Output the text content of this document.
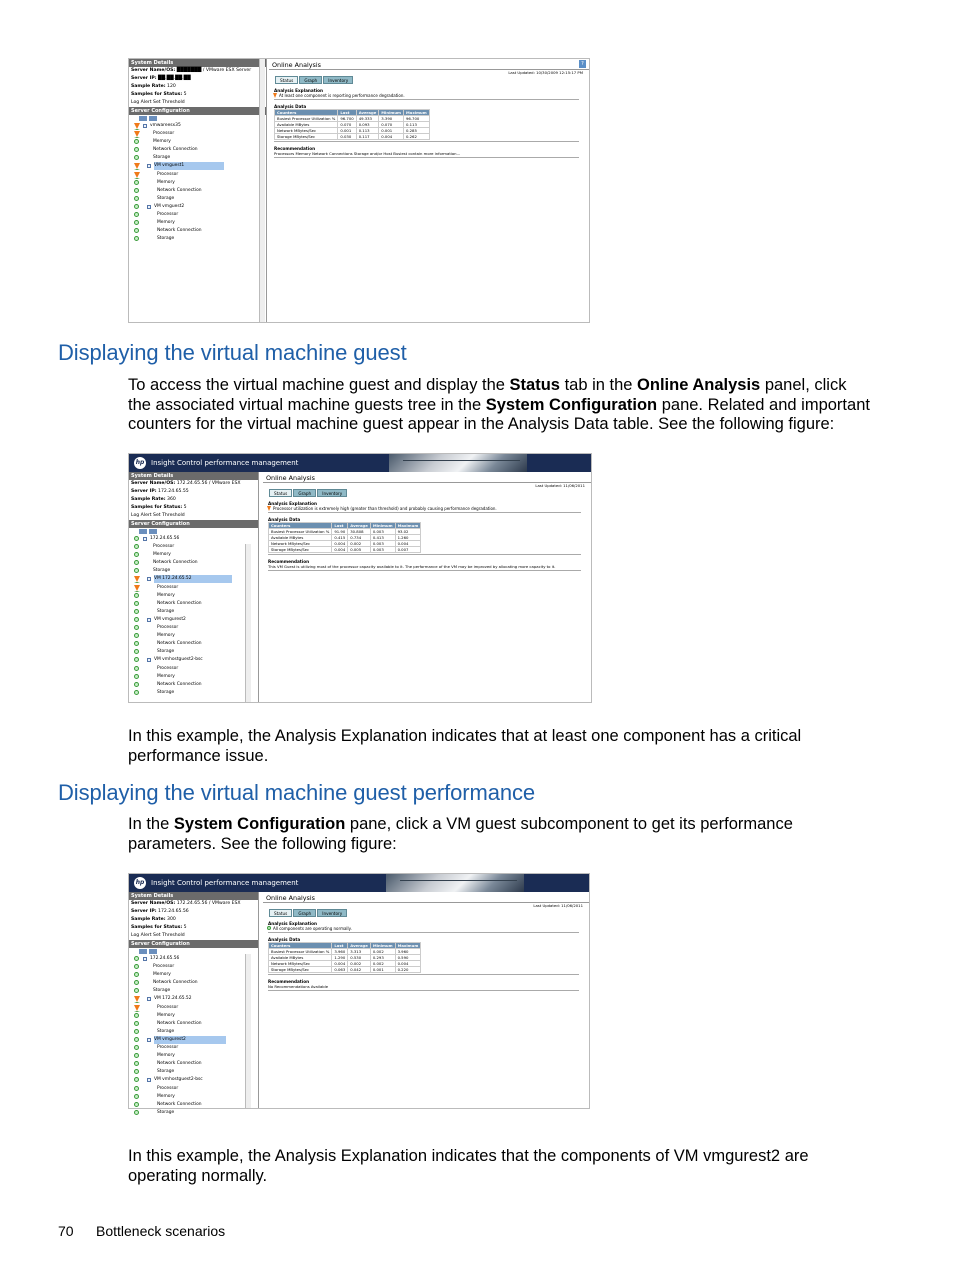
System Details
Server Name/OS: ███████ / VMware ESX Server
Server IP: ██.██.██.██
Sample Rate: 120
Samples for Status: 5
Log Alert Set Threshold
Server Configuration
vmwareesx35
Processor
Memory
Network Connection
Storage
VM vmguest1
Processor
Memory
Network Connection
Storage
VM vmguest2
Processor
Memory
Network Connection
Storage
Online Analysis	?
Last Updated: 10/30/2009 12:15:17 PM
Status	Graph	Inventory
Analysis Explanation
At least one component is reporting performance degradation.
Analysis Data
Counters	Last	Average	Minimum	Maximum
Busiest Processor Utilization %	96.700	49.333	3.390	96.700
Available MBytes	0.070	0.093	0.070	0.113
Network MBytes/Sec	0.001	0.113	0.001	0.285
Storage MBytes/Sec	0.030	0.117	0.004	0.262
Recommendation
Processors Memory Network Connections Storage and/or Host Busiest contain more information...
Displaying the virtual machine guest

To access the virtual machine guest and display the Status tab in the Online Analysis panel, click the associated virtual machine guests tree in the System Configuration pane. Related and important counters for the virtual machine guest appear in the Analysis Data table. See the following figure:

hp Insight Control performance management
System Details
Server Name/OS: 172.24.65.56 / VMware ESX
Server IP: 172.24.65.55
Sample Rate: 360
Samples for Status: 5
Log Alert Set Threshold
Server Configuration
172.24.65.56
Processor
Memory
Network Connection
Storage
VM 172.24.65.52
Processor
Memory
Network Connection
Storage
VM vmgurest2
Processor
Memory
Network Connection
Storage
VM vmhostguest2-bsc
Processor
Memory
Network Connection
Storage
Online Analysis
Last Updated: 11/06/2011
Status	Graph	Inventory
Analysis Explanation
Processor utilization is extremely high (greater than threshold) and probably causing performance degradation.
Analysis Data
Counters	Last	Average	Minimum	Maximum
Busiest Processor Utilization %	91.90	30.808	0.003	93.02
Available MBytes	0.415	0.734	0.413	1.260
Network MBytes/Sec	0.004	0.002	0.003	0.004
Storage MBytes/Sec	0.004	0.005	0.003	0.007
Recommendation
This VM Guest is utilizing most of the processor capacity available to it. The performance of the VM may be improved by allocating more capacity to it.

In this example, the Analysis Explanation indicates that at least one component has a critical performance issue.

Displaying the virtual machine guest performance

In the System Configuration pane, click a VM guest subcomponent to get its performance parameters. See the following figure:

hp Insight Control performance management
System Details
Server Name/OS: 172.24.65.56 / VMware ESX
Server IP: 172.24.65.56
Sample Rate: 300
Samples for Status: 5
Log Alert Set Threshold
Server Configuration
172.24.65.56
Processor
Memory
Network Connection
Storage
VM 172.24.65.52
Processor
Memory
Network Connection
Storage
VM vmgurest2
Processor
Memory
Network Connection
Storage
VM vmhostguest2-bsc
Processor
Memory
Network Connection
Storage
Online Analysis
Last Updated: 11/06/2011
Status	Graph	Inventory
Analysis Explanation
All components are operating normally.
Analysis Data
Counters	Last	Average	Minimum	Maximum
Busiest Processor Utilization %	3.960	3.313	0.002	3.960
Available MBytes	1.290	0.530	0.293	0.590
Network MBytes/Sec	0.004	0.002	0.002	0.004
Storage MBytes/Sec	0.063	0.042	0.001	0.220
Recommendation
No Recommendations Available

In this example, the Analysis Explanation indicates that the components of VM vmgurest2 are operating normally.

70 Bottleneck scenarios
